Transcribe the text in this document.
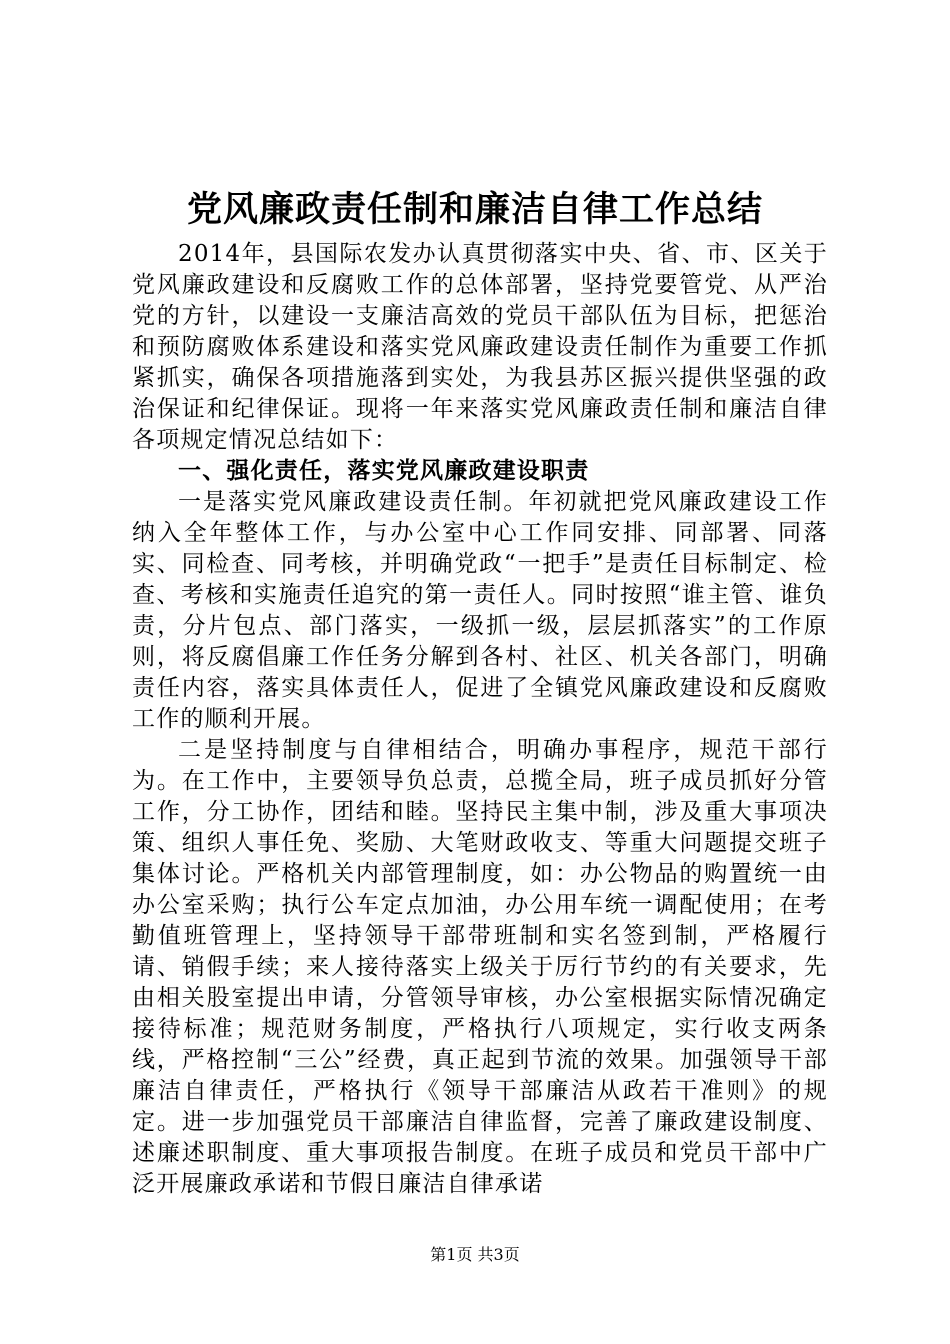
党风廉政责任制和廉洁自律工作总结

2014年，县国际农发办认真贯彻落实中央、省、市、区关于党风廉政建设和反腐败工作的总体部署，坚持党要管党、从严治党的方针，以建设一支廉洁高效的党员干部队伍为目标，把惩治和预防腐败体系建设和落实党风廉政建设责任制作为重要工作抓紧抓实，确保各项措施落到实处，为我县苏区振兴提供坚强的政治保证和纪律保证。现将一年来落实党风廉政责任制和廉洁自律各项规定情况总结如下：

一、强化责任，落实党风廉政建设职责

一是落实党风廉政建设责任制。年初就把党风廉政建设工作纳入全年整体工作，与办公室中心工作同安排、同部署、同落实、同检查、同考核，并明确党政“一把手”是责任目标制定、检查、考核和实施责任追究的第一责任人。同时按照“谁主管、谁负责，分片包点、部门落实，一级抓一级，层层抓落实”的工作原则，将反腐倡廉工作任务分解到各村、社区、机关各部门，明确责任内容，落实具体责任人，促进了全镇党风廉政建设和反腐败工作的顺利开展。

二是坚持制度与自律相结合，明确办事程序，规范干部行为。在工作中，主要领导负总责，总揽全局，班子成员抓好分管工作，分工协作，团结和睦。坚持民主集中制，涉及重大事项决策、组织人事任免、奖励、大笔财政收支、等重大问题提交班子集体讨论。严格机关内部管理制度，如：办公物品的购置统一由办公室采购；执行公车定点加油，办公用车统一调配使用；在考勤值班管理上，坚持领导干部带班制和实名签到制，严格履行请、销假手续；来人接待落实上级关于厉行节约的有关要求，先由相关股室提出申请，分管领导审核，办公室根据实际情况确定接待标准；规范财务制度，严格执行八项规定，实行收支两条线，严格控制“三公”经费，真正起到节流的效果。加强领导干部廉洁自律责任，严格执行《领导干部廉洁从政若干准则》的规定。进一步加强党员干部廉洁自律监督，完善了廉政建设制度、述廉述职制度、重大事项报告制度。在班子成员和党员干部中广泛开展廉政承诺和节假日廉洁自律承诺

第1页 共3页
